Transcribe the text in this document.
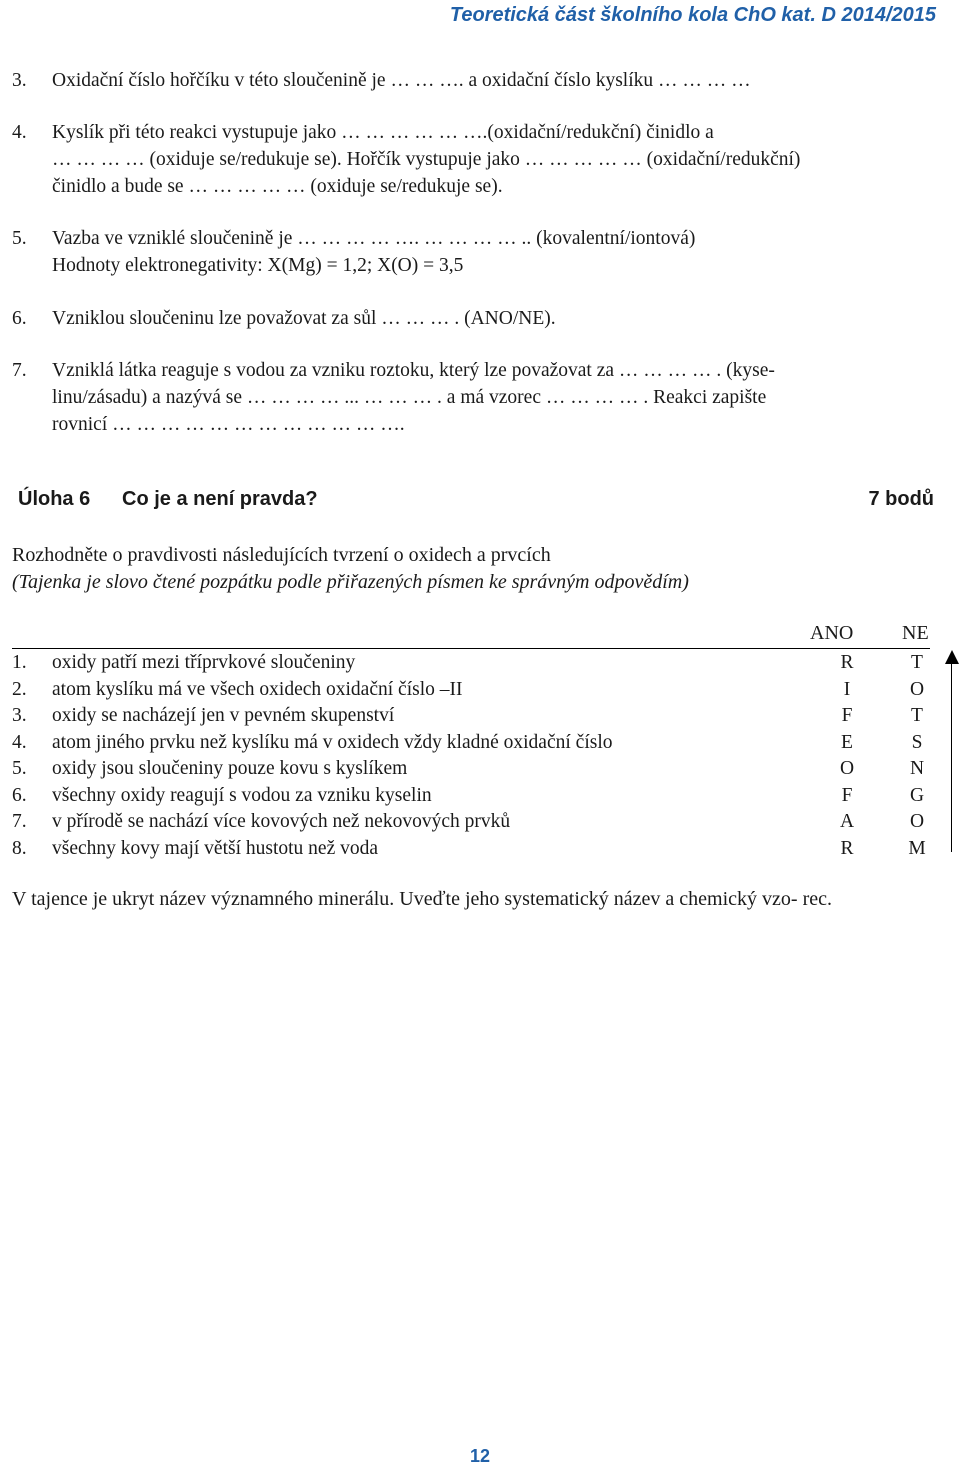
Teoretická část školního kola ChO kat. D 2014/2015
3. Oxidační číslo hořčíku v této sloučenině je … … …. a oxidační číslo kyslíku … … … …
4. Kyslík při této reakci vystupuje jako … … … … … ….(oxidační/redukční) činidlo a
… … … … (oxiduje se/redukuje se). Hořčík vystupuje jako … … … … … (oxidační/redukční)
činidlo a bude se … … … … … (oxiduje se/redukuje se).
5. Vazba ve vzniklé sloučenině je … … … … …. … … … … .. (kovalentní/iontová)
Hodnoty elektronegativity: X(Mg) = 1,2; X(O) = 3,5
6. Vzniklou sloučeninu lze považovat za sůl … … … . (ANO/NE).
7. Vzniklá látka reaguje s vodou za vzniku roztoku, který lze považovat za … … … … . (kyse-
linu/zásadu) a nazývá se … … … … ... … … … . a má vzorec … … … … . Reakci zapište
rovnicí … … … … … … … … … … … ….
Úloha 6 Co je a není pravda?	7 bodů
Rozhodněte o pravdivosti následujících tvrzení o oxidech a prvcích
(Tajenka je slovo čtené pozpátku podle přiřazených písmen ke správným odpovědím)
ANO NE
1. oxidy patří mezi tříprvkové sloučeniny	R	T
2. atom kyslíku má ve všech oxidech oxidační číslo –II	I	O
3. oxidy se nacházejí jen v pevném skupenství	F	T
4. atom jiného prvku než kyslíku má v oxidech vždy kladné oxidační číslo	E	S
5. oxidy jsou sloučeniny pouze kovu s kyslíkem	O	N
6. všechny oxidy reagují s vodou za vzniku kyselin	F	G
7. v přírodě se nachází více kovových než nekovových prvků	A	O
8. všechny kovy mají větší hustotu než voda	R	M
V tajence je ukryt název významného minerálu. Uveďte jeho systematický název a chemický vzo- rec.
12
